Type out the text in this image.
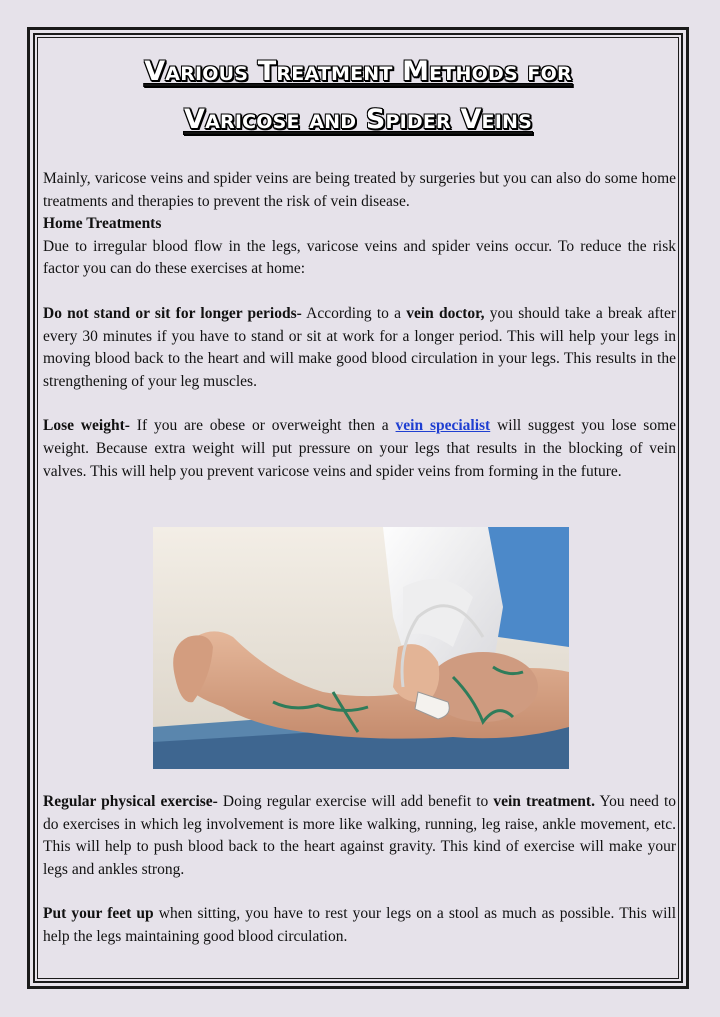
Various Treatment Methods for
Varicose and Spider Veins

Mainly, varicose veins and spider veins are being treated by surgeries but you can also do some home treatments and therapies to prevent the risk of vein disease.

Home Treatments

Due to irregular blood flow in the legs, varicose veins and spider veins occur. To reduce the risk factor you can do these exercises at home:

Do not stand or sit for longer periods- According to a vein doctor, you should take a break after every 30 minutes if you have to stand or sit at work for a longer period. This will help your legs in moving blood back to the heart and will make good blood circulation in your legs. This results in the strengthening of your leg muscles.

Lose weight- If you are obese or overweight then a vein specialist will suggest you lose some weight. Because extra weight will put pressure on your legs that results in the blocking of vein valves. This will help you prevent varicose veins and spider veins from forming in the future.

Regular physical exercise- Doing regular exercise will add benefit to vein treatment. You need to do exercises in which leg involvement is more like walking, running, leg raise, ankle movement, etc. This will help to push blood back to the heart against gravity. This kind of exercise will make your legs and ankles strong.

Put your feet up when sitting, you have to rest your legs on a stool as much as possible. This will help the legs maintaining good blood circulation.
